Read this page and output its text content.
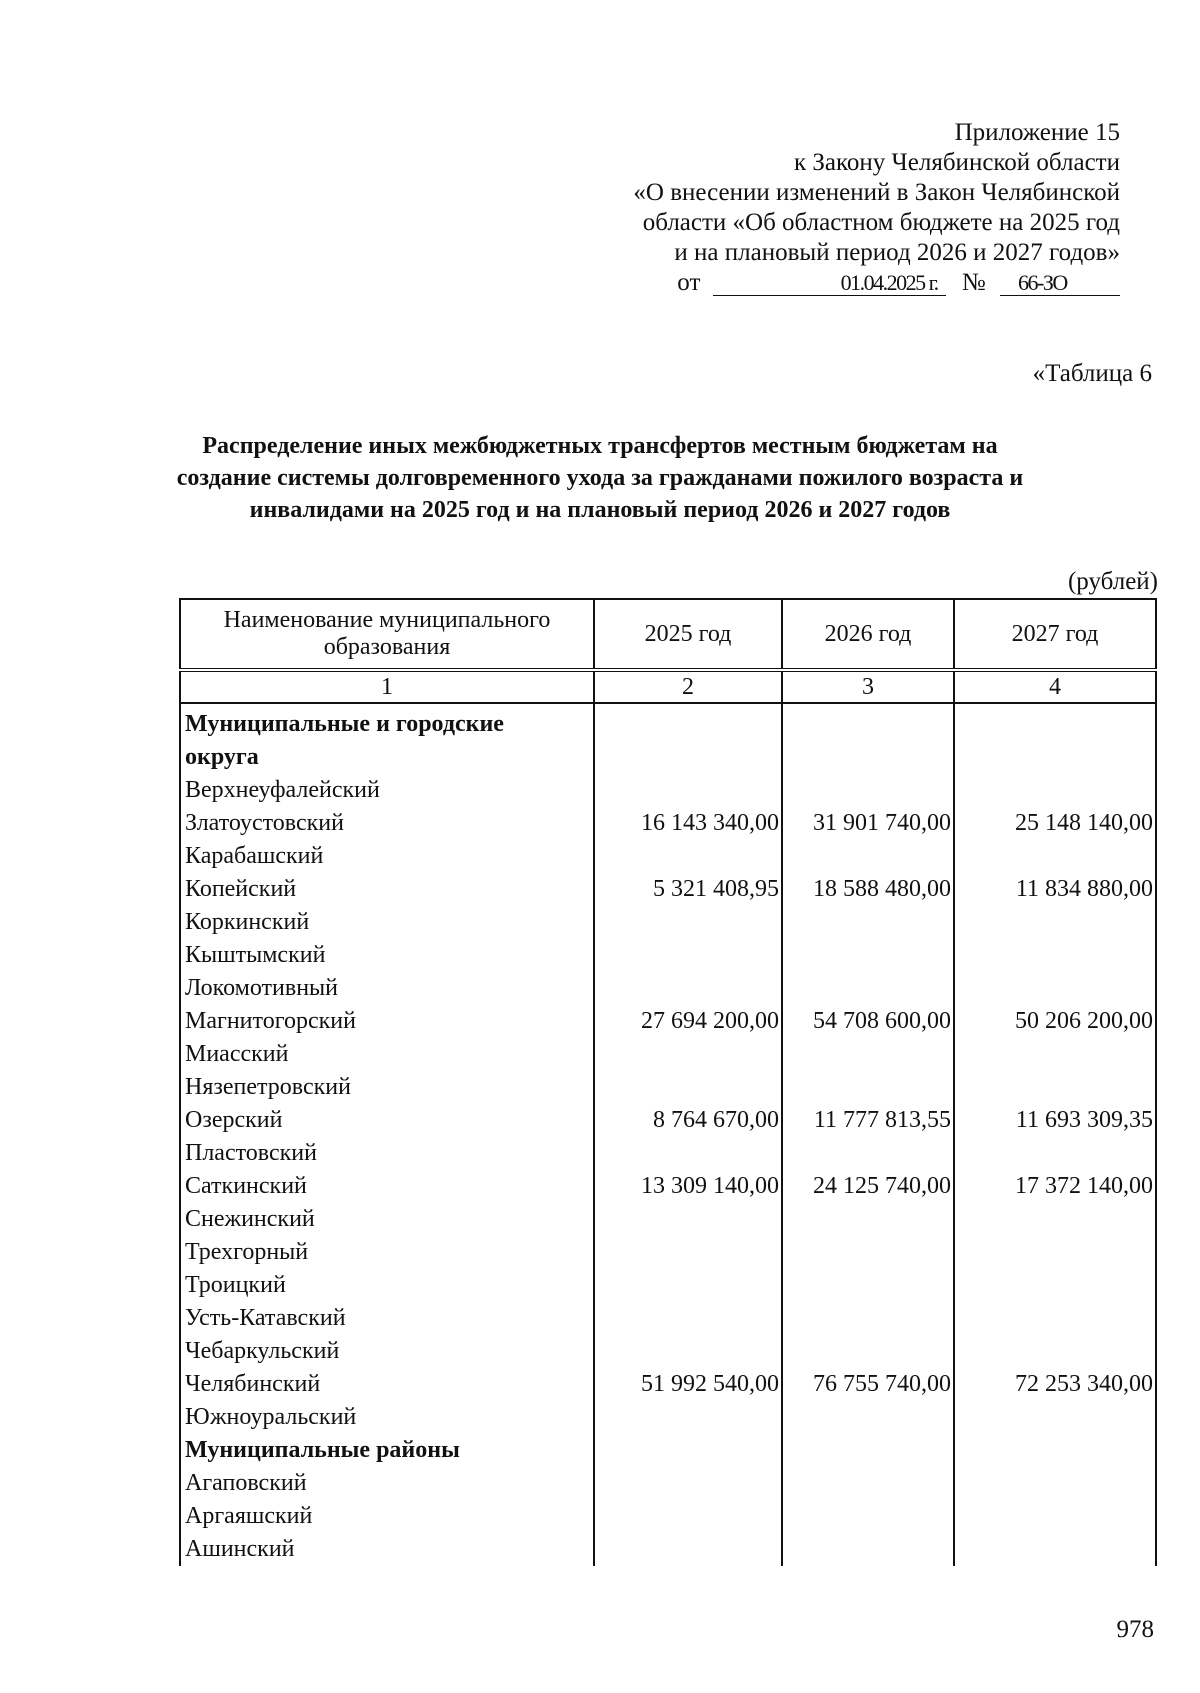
Приложение 15
к Закону Челябинской области
«О внесении изменений в Закон Челябинской
области «Об областном бюджете на 2025 год
и на плановый период 2026 и 2027 годов»
от	01.04.2025 г. № 66-ЗО
«Таблица 6
Распределение иных межбюджетных трансфертов местным бюджетам на
создание системы долговременного ухода за гражданами пожилого возраста и
инвалидами на 2025 год и на плановый период 2026 и 2027 годов
(рублей)
Наименование муниципального образования	2025 год	2026 год	2027 год
1	2	3	4
Муниципальные и городские			
округа			
Верхнеуфалейский			
Златоустовский	16 143 340,00	31 901 740,00	25 148 140,00
Карабашский			
Копейский	5 321 408,95	18 588 480,00	11 834 880,00
Коркинский			
Кыштымский			
Локомотивный			
Магнитогорский	27 694 200,00	54 708 600,00	50 206 200,00
Миасский			
Нязепетровский			
Озерский	8 764 670,00	11 777 813,55	11 693 309,35
Пластовский			
Саткинский	13 309 140,00	24 125 740,00	17 372 140,00
Снежинский			
Трехгорный			
Троицкий			
Усть-Катавский			
Чебаркульский			
Челябинский	51 992 540,00	76 755 740,00	72 253 340,00
Южноуральский			
Муниципальные районы			
Агаповский			
Аргаяшский			
Ашинский			
978
